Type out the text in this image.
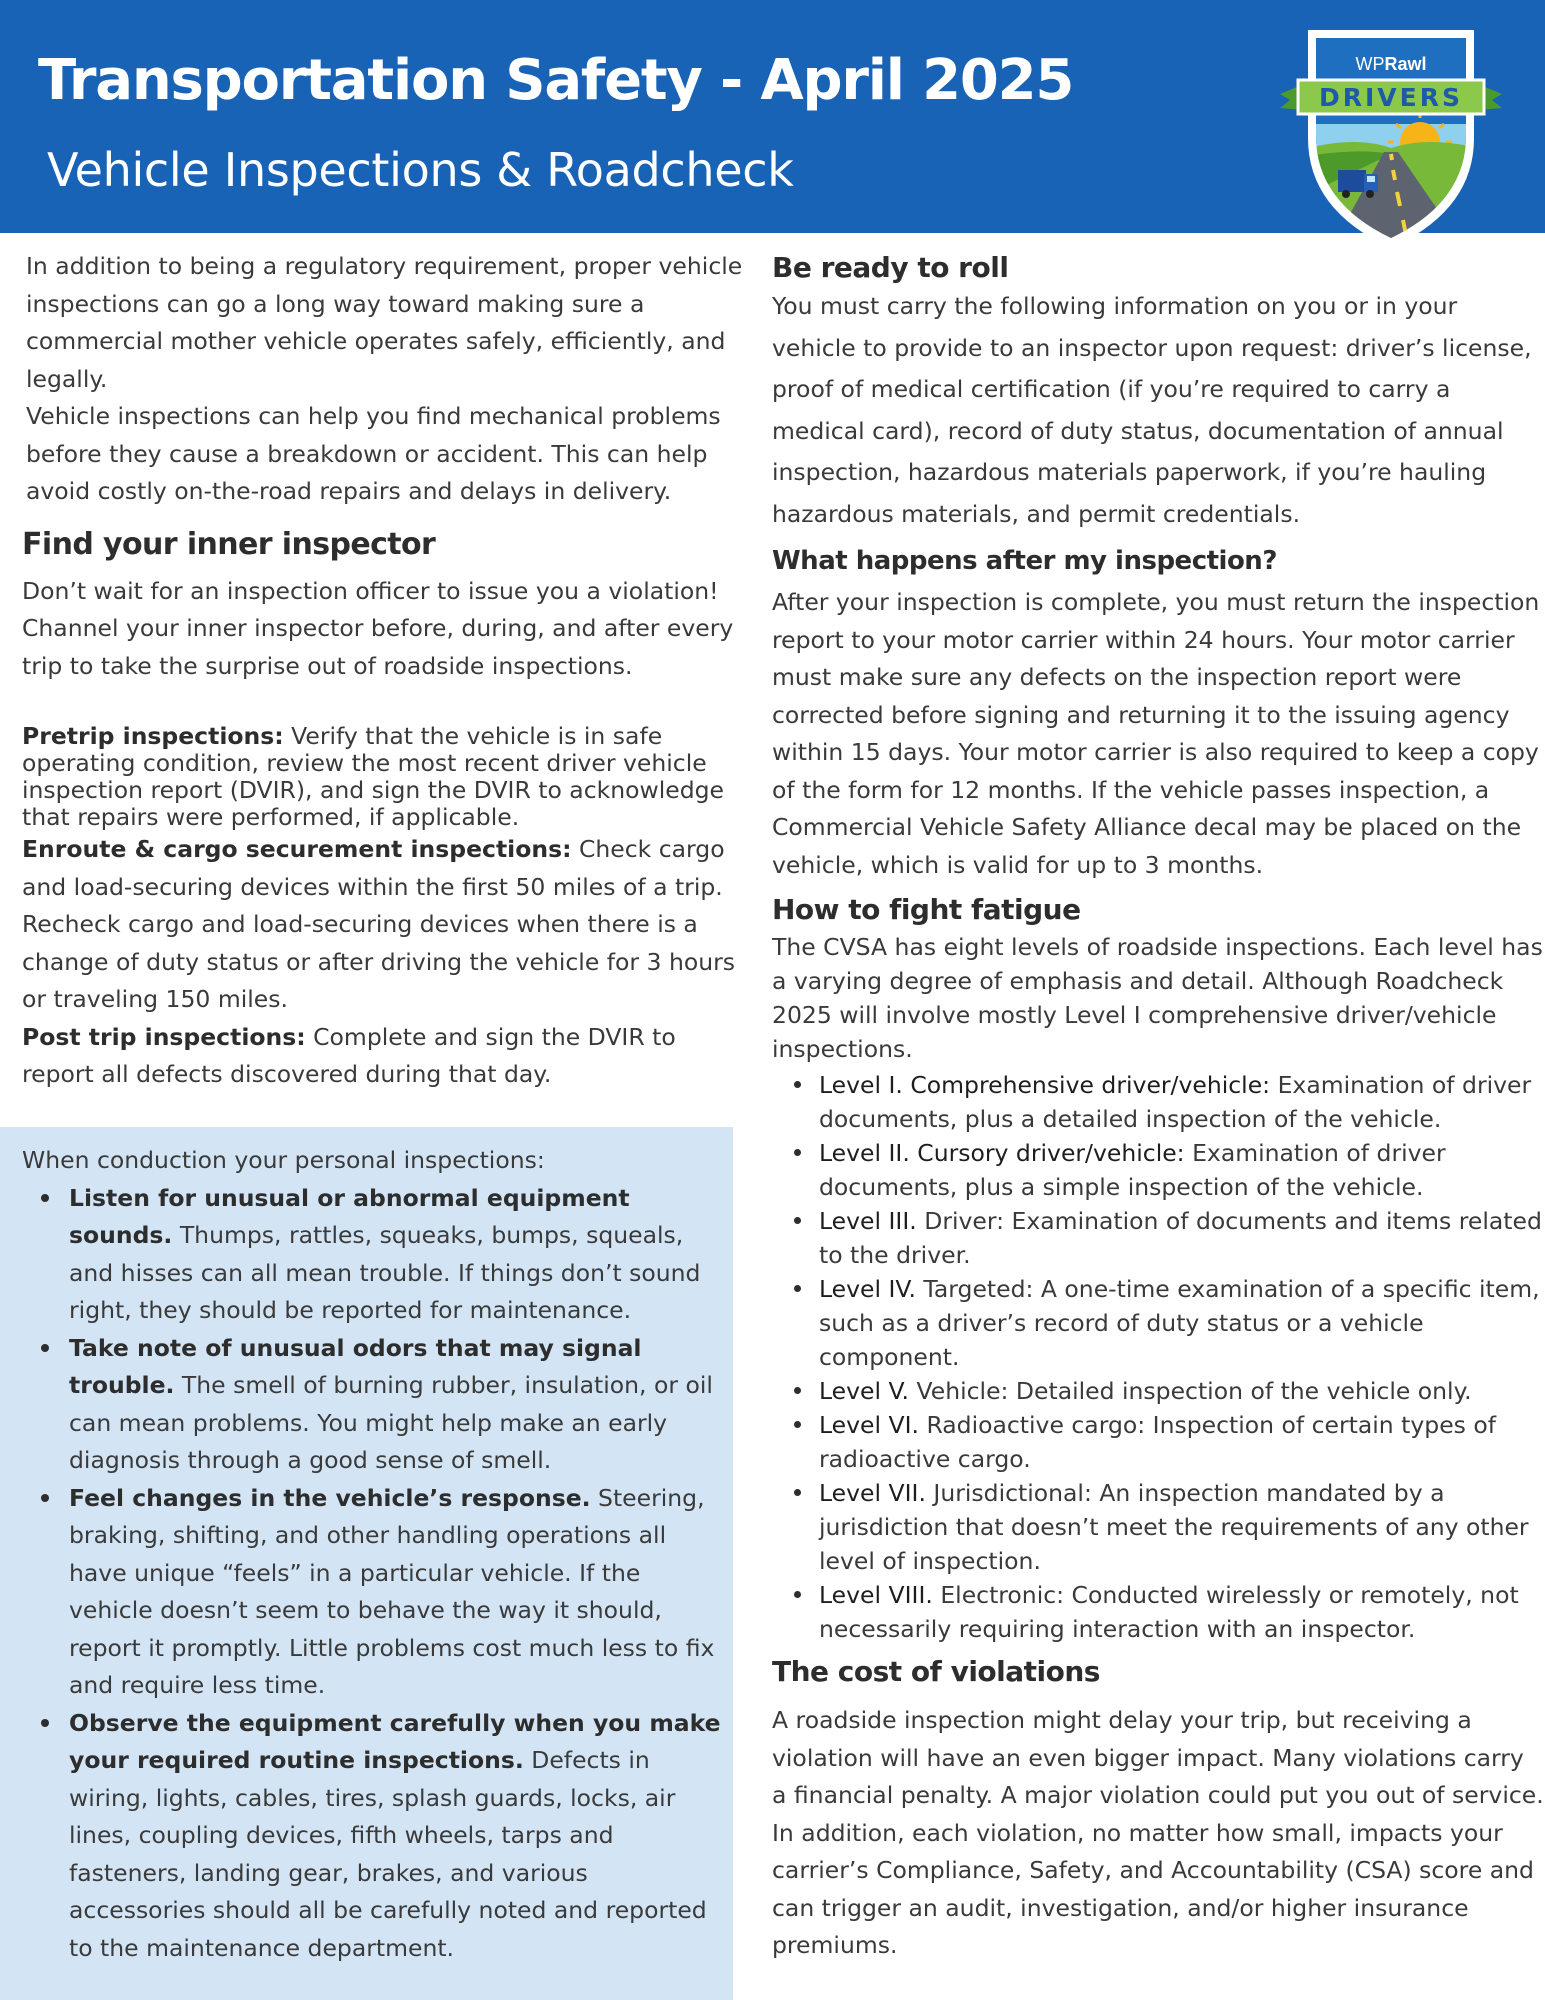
Transportation Safety - April 2025
Vehicle Inspections & Roadcheck
WPRawl
DRIVERS

In addition to being a regulatory requirement, proper vehicle inspections can go a long way toward making sure a commercial mother vehicle operates safely, efficiently, and legally.

Vehicle inspections can help you find mechanical problems before they cause a breakdown or accident. This can help avoid costly on-the-road repairs and delays in delivery.

Find your inner inspector

Don’t wait for an inspection officer to issue you a violation! Channel your inner inspector before, during, and after every trip to take the surprise out of roadside inspections.

Pretrip inspections: Verify that the vehicle is in safe operating condition, review the most recent driver vehicle inspection report (DVIR), and sign the DVIR to acknowledge that repairs were performed, if applicable.

Enroute & cargo securement inspections: Check cargo and load-securing devices within the first 50 miles of a trip. Recheck cargo and load-securing devices when there is a change of duty status or after driving the vehicle for 3 hours or traveling 150 miles.

Post trip inspections: Complete and sign the DVIR to report all defects discovered during that day.

When conduction your personal inspections:

Listen for unusual or abnormal equipment sounds. Thumps, rattles, squeaks, bumps, squeals, and hisses can all mean trouble. If things don’t sound right, they should be reported for maintenance.
Take note of unusual odors that may signal trouble. The smell of burning rubber, insulation, or oil can mean problems. You might help make an early diagnosis through a good sense of smell.
Feel changes in the vehicle’s response. Steering, braking, shifting, and other handling operations all have unique “feels” in a particular vehicle. If the vehicle doesn’t seem to behave the way it should, report it promptly. Little problems cost much less to fix and require less time.
Observe the equipment carefully when you make your required routine inspections. Defects in wiring, lights, cables, tires, splash guards, locks, air lines, coupling devices, fifth wheels, tarps and fasteners, landing gear, brakes, and various accessories should all be carefully noted and reported to the maintenance department.
Be ready to roll

You must carry the following information on you or in your vehicle to provide to an inspector upon request: driver’s license, proof of medical certification (if you’re required to carry a medical card), record of duty status, documentation of annual inspection, hazardous materials paperwork, if you’re hauling hazardous materials, and permit credentials.

What happens after my inspection?

After your inspection is complete, you must return the inspection report to your motor carrier within 24 hours. Your motor carrier must make sure any defects on the inspection report were corrected before signing and returning it to the issuing agency within 15 days. Your motor carrier is also required to keep a copy of the form for 12 months. If the vehicle passes inspection, a Commercial Vehicle Safety Alliance decal may be placed on the vehicle, which is valid for up to 3 months.

How to fight fatigue

The CVSA has eight levels of roadside inspections. Each level has a varying degree of emphasis and detail. Although Roadcheck 2025 will involve mostly Level I comprehensive driver/vehicle inspections.

Level I. Comprehensive driver/vehicle: Examination of driver documents, plus a detailed inspection of the vehicle.
Level II. Cursory driver/vehicle: Examination of driver documents, plus a simple inspection of the vehicle.
Level III. Driver: Examination of documents and items related to the driver.
Level IV. Targeted: A one-time examination of a specific item, such as a driver’s record of duty status or a vehicle component.
Level V. Vehicle: Detailed inspection of the vehicle only.
Level VI. Radioactive cargo: Inspection of certain types of radioactive cargo.
Level VII. Jurisdictional: An inspection mandated by a jurisdiction that doesn’t meet the requirements of any other level of inspection.
Level VIII. Electronic: Conducted wirelessly or remotely, not necessarily requiring interaction with an inspector.
The cost of violations

A roadside inspection might delay your trip, but receiving a violation will have an even bigger impact. Many violations carry a financial penalty. A major violation could put you out of service. In addition, each violation, no matter how small, impacts your carrier’s Compliance, Safety, and Accountability (CSA) score and can trigger an audit, investigation, and/or higher insurance premiums.
